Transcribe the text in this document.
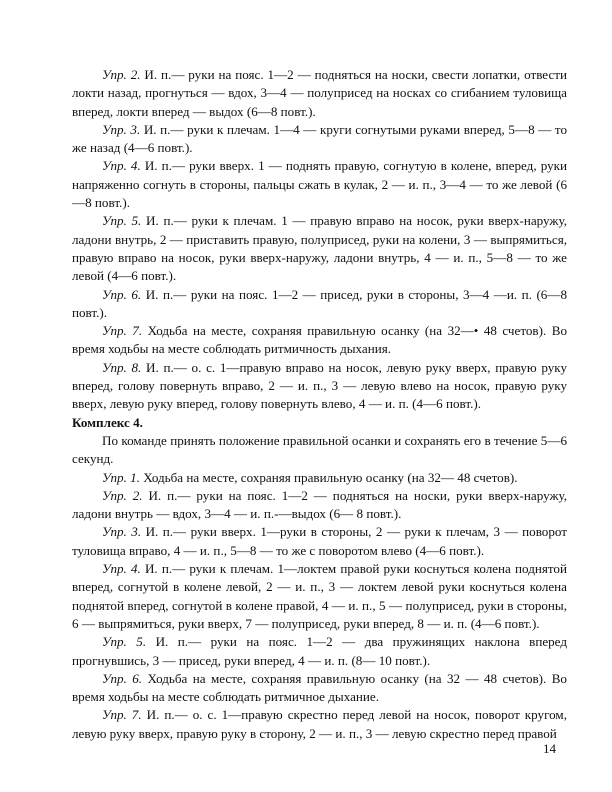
Упр. 2. И. п.— руки на пояс. 1—2 — подняться на носки, свести лопатки, отвести локти назад, прогнуться — вдох, 3—4 — полуприсед на носках со сгибанием туловища вперед, локти вперед — выдох (6—8 повт.).

Упр. 3. И. п.— руки к плечам. 1—4 — круги согнутыми руками вперед, 5—8 — то же назад (4—6 повт.).

Упр. 4. И. п.— руки вверх. 1 — поднять правую, согнутую в колене, вперед, руки напряженно согнуть в стороны, пальцы сжать в кулак, 2 — и. п., 3—4 — то же левой (6—8 повт.).

Упр. 5. И. п.— руки к плечам. 1 — правую вправо на носок, руки вверх-наружу, ладони внутрь, 2 — приставить правую, полуприсед, руки на колени, 3 — выпрямиться, правую вправо на носок, руки вверх-наружу, ладони внутрь, 4 — и. п., 5—8 — то же левой (4—6 повт.).

Упр. 6. И. п.— руки на пояс. 1—2 — присед, руки в стороны, 3—4 —и. п. (6—8 повт.).

Упр. 7. Ходьба на месте, сохраняя правильную осанку (на 32—• 48 счетов). Во время ходьбы на месте соблюдать ритмичность дыхания.

Упр. 8. И. п.— о. с. 1—правую вправо на носок, левую руку вверх, правую руку вперед, голову повернуть вправо, 2 — и. п., 3 — левую влево на носок, правую руку вверх, левую руку вперед, голову повернуть влево, 4 — и. п. (4—6 повт.).

Комплекс 4.

По команде принять положение правильной осанки и сохранять его в течение 5—6 секунд.

Упр. 1. Ходьба на месте, сохраняя правильную осанку (на 32— 48 счетов).

Упр. 2. И. п.— руки на пояс. 1—2 — подняться на носки, руки вверх-наружу, ладони внутрь — вдох, 3—4 — и. п.-—выдох (6— 8 повт.).

Упр. 3. И. п.— руки вверх. 1—руки в стороны, 2 — руки к плечам, 3 — поворот туловища вправо, 4 — и. п., 5—8 — то же с поворотом влево (4—6 повт.).

Упр. 4. И. п.— руки к плечам. 1—локтем правой руки коснуться колена поднятой вперед, согнутой в колене левой, 2 — и. п., 3 — локтем левой руки коснуться колена поднятой вперед, согнутой в колене правой, 4 — и. п., 5 — полуприсед, руки в стороны, 6 — выпрямиться, руки вверх, 7 — полуприсед, руки вперед, 8 — и. п. (4—6 повт.).

Упр. 5. И. п.— руки на пояс. 1—2 — два пружинящих наклона вперед прогнувшись, 3 — присед, руки вперед, 4 — и. п. (8— 10 повт.).

Упр. 6. Ходьба на месте, сохраняя правильную осанку (на 32 — 48 счетов). Во время ходьбы на месте соблюдать ритмичное дыхание.

Упр. 7. И. п.— о. с. 1—правую скрестно перед левой на носок, поворот кругом, левую руку вверх, правую руку в сторону, 2 — и. п., 3 — левую скрестно перед правой

14
